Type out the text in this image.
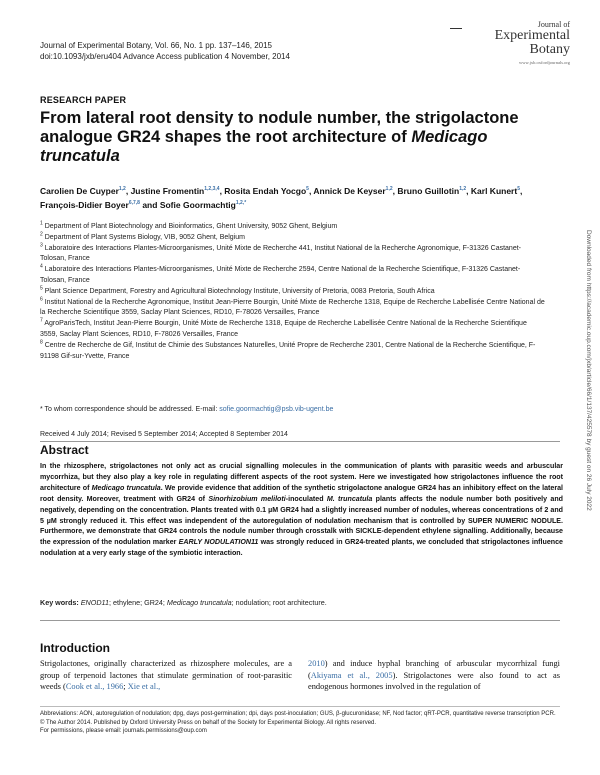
Journal of Experimental Botany, Vol. 66, No. 1 pp. 137–146, 2015
doi:10.1093/jxb/eru404 Advance Access publication 4 November, 2014
Journal of
Experimental
Botany
www.jxb.oxfordjournals.org
RESEARCH PAPER
From lateral root density to nodule number, the strigolactone analogue GR24 shapes the root architecture of Medicago truncatula
Carolien De Cuyper$^{1,2}$, Justine Fromentin$^{1,2,3,4}$, Rosita Endah Yocgo$^5$, Annick De Keyser$^{1,2}$, Bruno Guillotin$^{1,2}$, Karl Kunert$^5$, François-Didier Boyer$^{6,7,8}$ and Sofie Goormachtig$^{1,2,*}$
$^1$ Department of Plant Biotechnology and Bioinformatics, Ghent University, 9052 Ghent, Belgium
$^2$ Department of Plant Systems Biology, VIB, 9052 Ghent, Belgium
$^3$ Laboratoire des Interactions Plantes-Microorganismes, Unité Mixte de Recherche 441, Institut National de la Recherche Agronomique, F-31326 Castanet-Tolosan, France
$^4$ Laboratoire des Interactions Plantes-Microorganismes, Unité Mixte de Recherche 2594, Centre National de la Recherche Scientifique, F-31326 Castanet-Tolosan, France
$^5$ Plant Science Department, Forestry and Agricultural Biotechnology Institute, University of Pretoria, 0083 Pretoria, South Africa
$^6$ Institut National de la Recherche Agronomique, Institut Jean-Pierre Bourgin, Unité Mixte de Recherche 1318, Equipe de Recherche Labellisée Centre National de la Recherche Scientifique 3559, Saclay Plant Sciences, RD10, F-78026 Versailles, France
$^7$ AgroParisTech, Institut Jean-Pierre Bourgin, Unité Mixte de Recherche 1318, Equipe de Recherche Labellisée Centre National de la Recherche Scientifique 3559, Saclay Plant Sciences, RD10, F-78026 Versailles, France
$^8$ Centre de Recherche de Gif, Institut de Chimie des Substances Naturelles, Unité Propre de Recherche 2301, Centre National de la Recherche Scientifique, F-91198 Gif-sur-Yvette, France
* To whom correspondence should be addressed. E-mail: sofie.goormachtig@psb.vib-ugent.be
Received 4 July 2014; Revised 5 September 2014; Accepted 8 September 2014
Abstract
In the rhizosphere, strigolactones not only act as crucial signalling molecules in the communication of plants with parasitic weeds and arbuscular mycorrhiza, but they also play a key role in regulating different aspects of the root system. Here we investigated how strigolactones influence the root architecture of Medicago truncatula. We provide evidence that addition of the synthetic strigolactone analogue GR24 has an inhibitory effect on the lateral root density. Moreover, treatment with GR24 of Sinorhizobium meliloti-inoculated M. truncatula plants affects the nodule number both positively and negatively, depending on the concentration. Plants treated with 0.1 µM GR24 had a slightly increased number of nodules, whereas concentrations of 2 and 5 µM strongly reduced it. This effect was independent of the autoregulation of nodulation mechanism that is controlled by SUPER NUMERIC NODULE. Furthermore, we demonstrate that GR24 controls the nodule number through crosstalk with SICKLE-dependent ethylene signalling. Additionally, because the expression of the nodulation marker EARLY NODULATION11 was strongly reduced in GR24-treated plants, we concluded that strigolactones influence nodulation at a very early stage of the symbiotic interaction.
Key words: ENOD11; ethylene; GR24; Medicago truncatula; nodulation; root architecture.
Introduction
Strigolactones, originally characterized as rhizosphere molecules, are a group of terpenoid lactones that stimulate germination of root-parasitic weeds (Cook et al., 1966; Xie et al.,
2010) and induce hyphal branching of arbuscular mycorrhizal fungi (Akiyama et al., 2005). Strigolactones were also found to act as endogenous hormones involved in the regulation of
Abbreviations: AON, autoregulation of nodulation; dpg, days post-germination; dpi, days post-inoculation; GUS, β-glucuronidase; NF, Nod factor; qRT-PCR, quantitative reverse transcription PCR.
© The Author 2014. Published by Oxford University Press on behalf of the Society for Experimental Biology. All rights reserved.
For permissions, please email: journals.permissions@oup.com
Downloaded from https://academic.oup.com/jxb/article/66/1/137/425578 by guest on 26 July 2022
